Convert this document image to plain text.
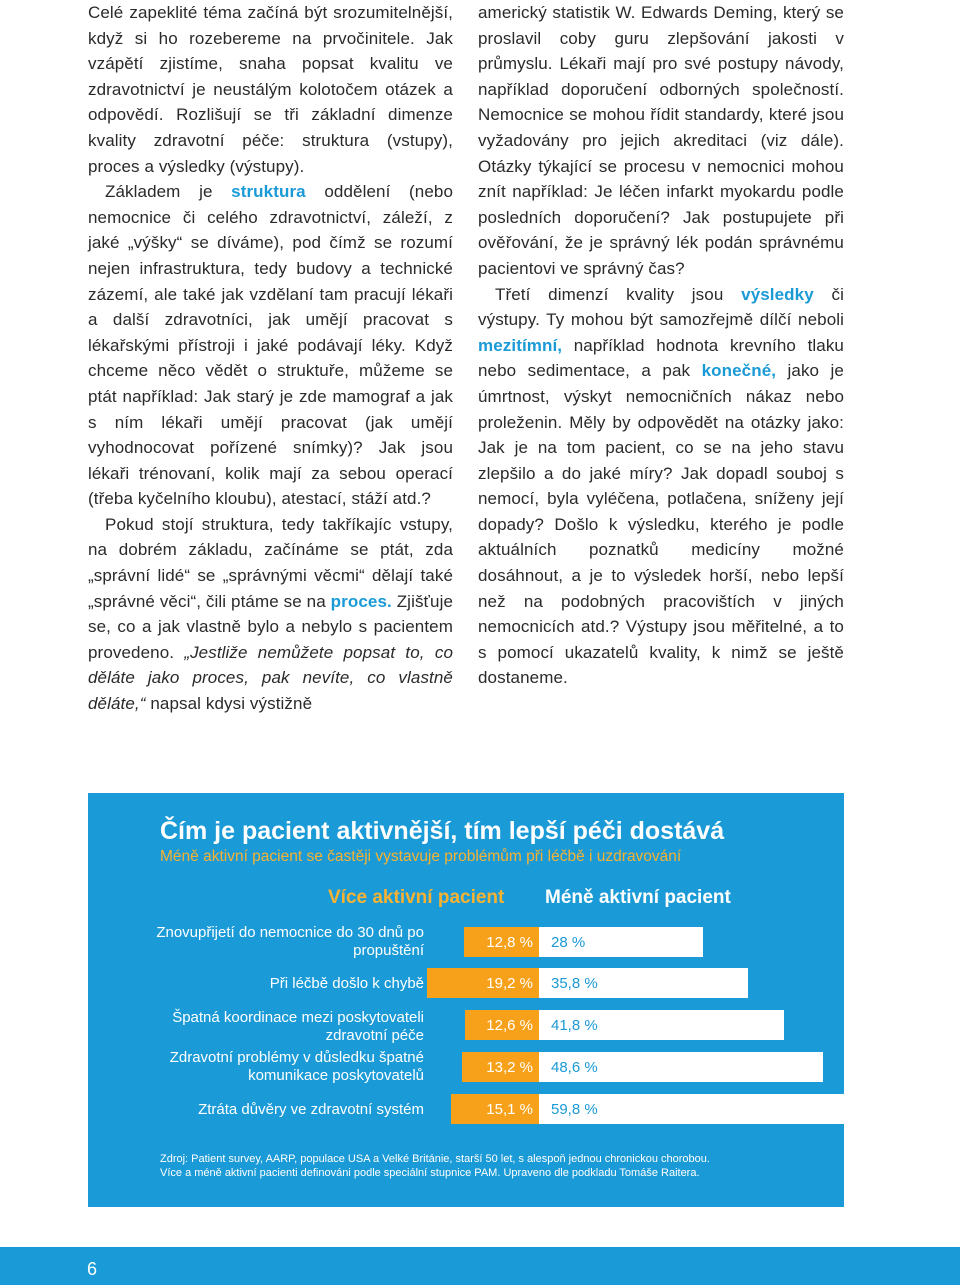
Celé zapeklité téma začíná být srozumitelnější, když si ho rozebereme na prvočinitele. Jak vzápětí zjistíme, snaha popsat kvalitu ve zdravotnictví je neustálým kolotočem otázek a odpovědí. Rozlišují se tři základní dimenze kvality zdravotní péče: struktura (vstupy), proces a výsledky (výstupy).

Základem je struktura oddělení (nebo nemocnice či celého zdravotnictví, záleží, z jaké „výšky“ se díváme), pod čímž se rozumí nejen infrastruktura, tedy budovy a technické zázemí, ale také jak vzdělaní tam pracují lékaři a další zdravotníci, jak umějí pracovat s lékařskými přístroji i jaké podávají léky. Když chceme něco vědět o struktuře, můžeme se ptát například: Jak starý je zde mamograf a jak s ním lékaři umějí pracovat (jak umějí vyhodnocovat pořízené snímky)? Jak jsou lékaři trénovaní, kolik mají za sebou operací (třeba kyčelního kloubu), atestací, stáží atd.?

Pokud stojí struktura, tedy takříkajíc vstupy, na dobrém základu, začínáme se ptát, zda „správní lidé“ se „správnými věcmi“ dělají také „správné věci“, čili ptáme se na proces. Zjišťuje se, co a jak vlastně bylo a nebylo s pacientem provedeno. „Jestliže nemůžete popsat to, co děláte jako proces, pak nevíte, co vlastně děláte,“ napsal kdysi výstižně

americký statistik W. Edwards Deming, který se proslavil coby guru zlepšování jakosti v průmyslu. Lékaři mají pro své postupy návody, například doporučení odborných společností. Nemocnice se mohou řídit standardy, které jsou vyžadovány pro jejich akreditaci (viz dále). Otázky týkající se procesu v nemocnici mohou znít například: Je léčen infarkt myokardu podle posledních doporučení? Jak postupujete při ověřování, že je správný lék podán správnému pacientovi ve správný čas?

Třetí dimenzí kvality jsou výsledky či výstupy. Ty mohou být samozřejmě dílčí neboli mezitímní, například hodnota krevního tlaku nebo sedimentace, a pak konečné, jako je úmrtnost, výskyt nemocničních nákaz nebo proleženin. Měly by odpovědět na otázky jako: Jak je na tom pacient, co se na jeho stavu zlepšilo a do jaké míry? Jak dopadl souboj s nemocí, byla vyléčena, potlačena, sníženy její dopady? Došlo k výsledku, kterého je podle aktuálních poznatků medicíny možné dosáhnout, a je to výsledek horší, nebo lepší než na podobných pracovištích v jiných nemocnicích atd.? Výstupy jsou měřitelné, a to s pomocí ukazatelů kvality, k nimž se ještě dostaneme.

Čím je pacient aktivnější, tím lepší péči dostává
Méně aktivní pacient se častěji vystavuje problémům při léčbě i uzdravování
Více aktivní pacient Méně aktivní pacient
Znovupřijetí do nemocnice do 30 dnů po propuštění	12,8 % 28 %
Při léčbě došlo k chybě	19,2 % 35,8 %
Špatná koordinace mezi poskytovateli zdravotní péče
12,6 % 41,8 %
Zdravotní problémy v důsledku špatné komunikace poskytovatelů	13,2 % 48,6 %
Ztráta důvěry ve zdravotní systém	15,1 % 59,8 %
Zdroj: Patient survey, AARP, populace USA a Velké Británie, starší 50 let, s alespoň jednou chronickou chorobou.
Více a méně aktivní pacienti definováni podle speciální stupnice PAM. Upraveno dle podkladu Tomáše Raitera.
6
